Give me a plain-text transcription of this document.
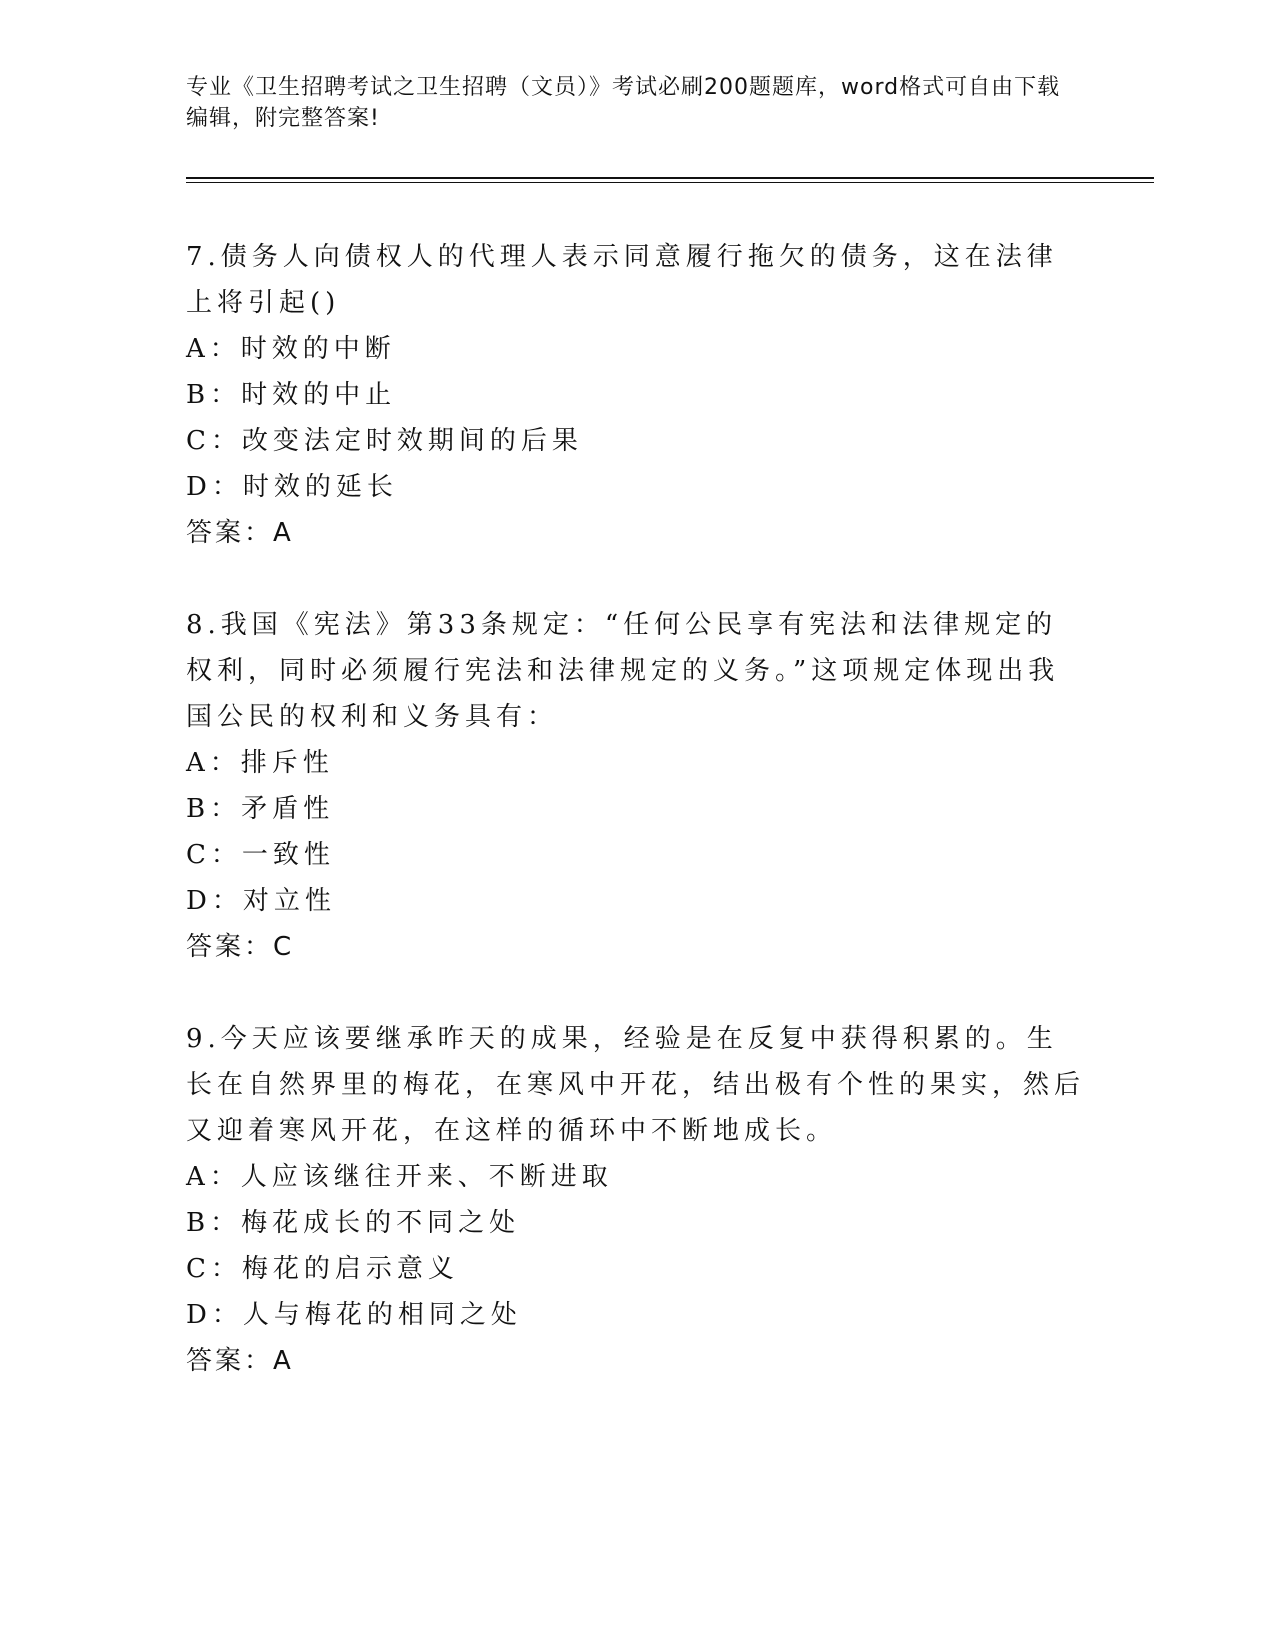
专业《卫生招聘考试之卫生招聘（文员）》考试必刷200题题库，word格式可自由下载编辑，附完整答案!

7.债务人向债权人的代理人表示同意履行拖欠的债务，这在法律上将引起()

A：时效的中断

B：时效的中止

C：改变法定时效期间的后果

D：时效的延长

答案：A

8.我国《宪法》第33条规定：“任何公民享有宪法和法律规定的权利，同时必须履行宪法和法律规定的义务。”这项规定体现出我国公民的权利和义务具有：

A：排斥性

B：矛盾性

C：一致性

D：对立性

答案：C

9.今天应该要继承昨天的成果，经验是在反复中获得积累的。生长在自然界里的梅花，在寒风中开花，结出极有个性的果实，然后又迎着寒风开花，在这样的循环中不断地成长。

A：人应该继往开来、不断进取

B：梅花成长的不同之处

C：梅花的启示意义

D：人与梅花的相同之处

答案：A
